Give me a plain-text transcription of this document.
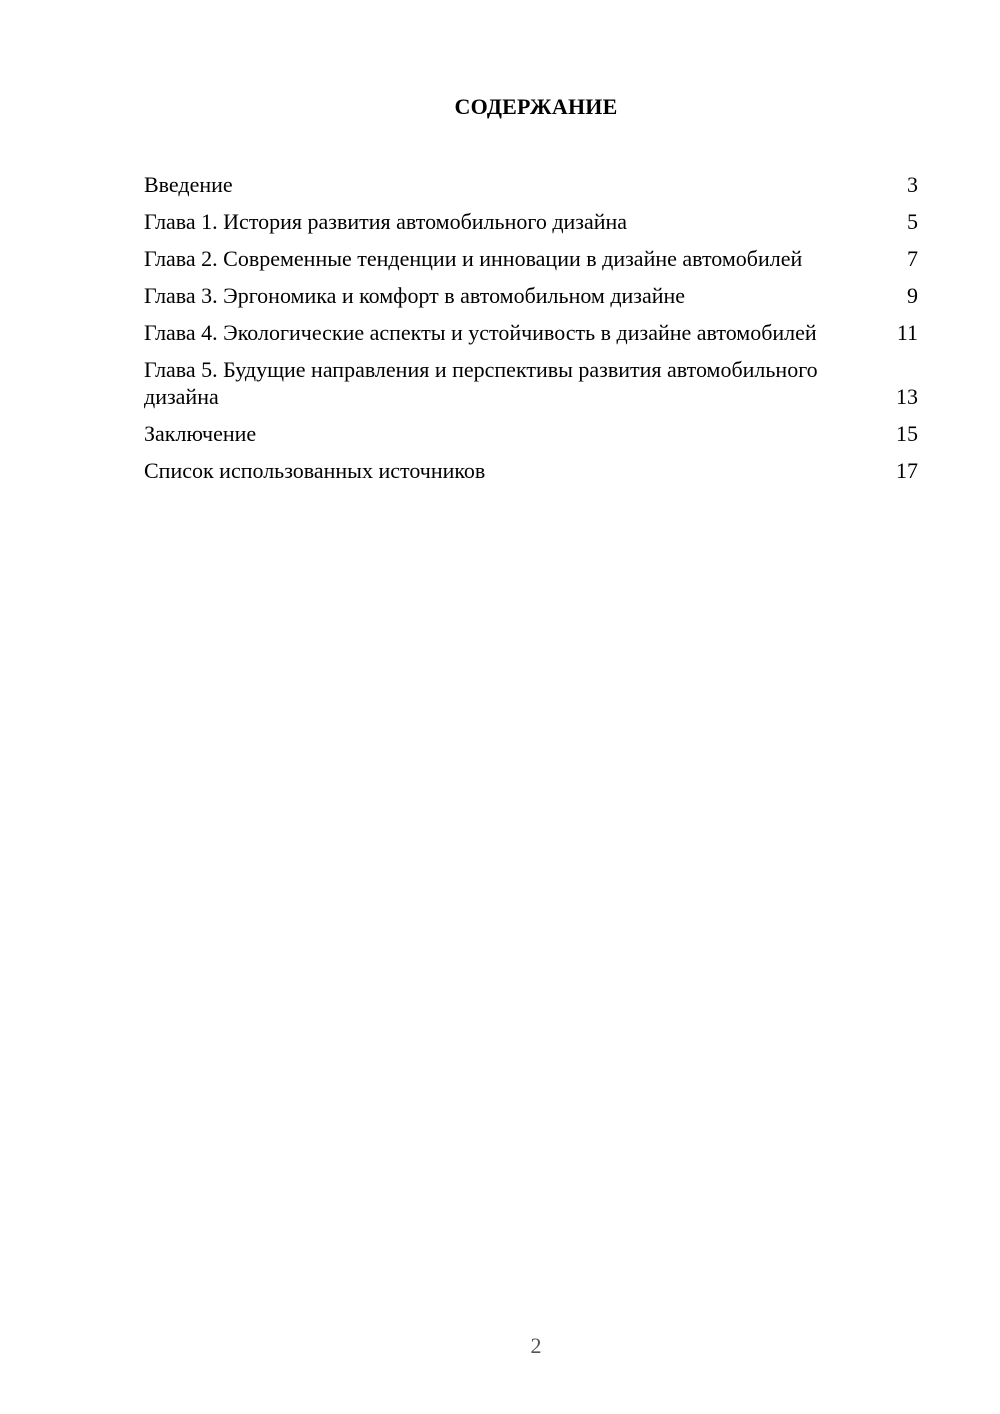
СОДЕРЖАНИЕ
Введение	3
Глава 1. История развития автомобильного дизайна	5
Глава 2. Современные тенденции и инновации в дизайне автомобилей	7
Глава 3. Эргономика и комфорт в автомобильном дизайне	9
Глава 4. Экологические аспекты и устойчивость в дизайне автомобилей	11
Глава 5. Будущие направления и перспективы развития автомобильного дизайна	13
Заключение	15
Список использованных источников	17
2
